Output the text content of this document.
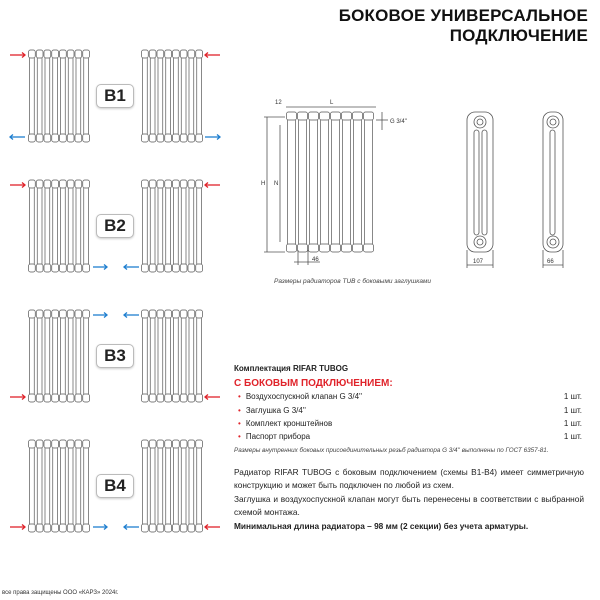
БОКОВОЕ УНИВЕРСАЛЬНОЕ
ПОДКЛЮЧЕНИЕ
B1
B2
B3
B4
12	L
H N
46
G 3/4''
107	66
Размеры радиаторов TUB с боковыми заглушками
Комплектация RIFAR TUBOG
С БОКОВЫМ ПОДКЛЮЧЕНИЕМ:
• Воздухоспускной клапан G 3/4''	1 шт.
• Заглушка G 3/4''	1 шт.
• Комплект кронштейнов	1 шт.
• Паспорт прибора	1 шт.
Размеры внутренних боковых присоединительных резьб радиатора G 3/4'' выполнены по ГОСТ 6357-81.
Радиатор RIFAR TUBOG с боковым подключением (схемы B1-B4) имеет симметричную конструкцию и может быть подключен по любой из схем.
Заглушка и воздухоспускной клапан могут быть перенесены в соответствии с выбранной схемой монтажа.
Минимальная длина радиатора – 98 мм (2 секции) без учета арматуры.
все права защищены ООО «КАРЗ» 2024г.
